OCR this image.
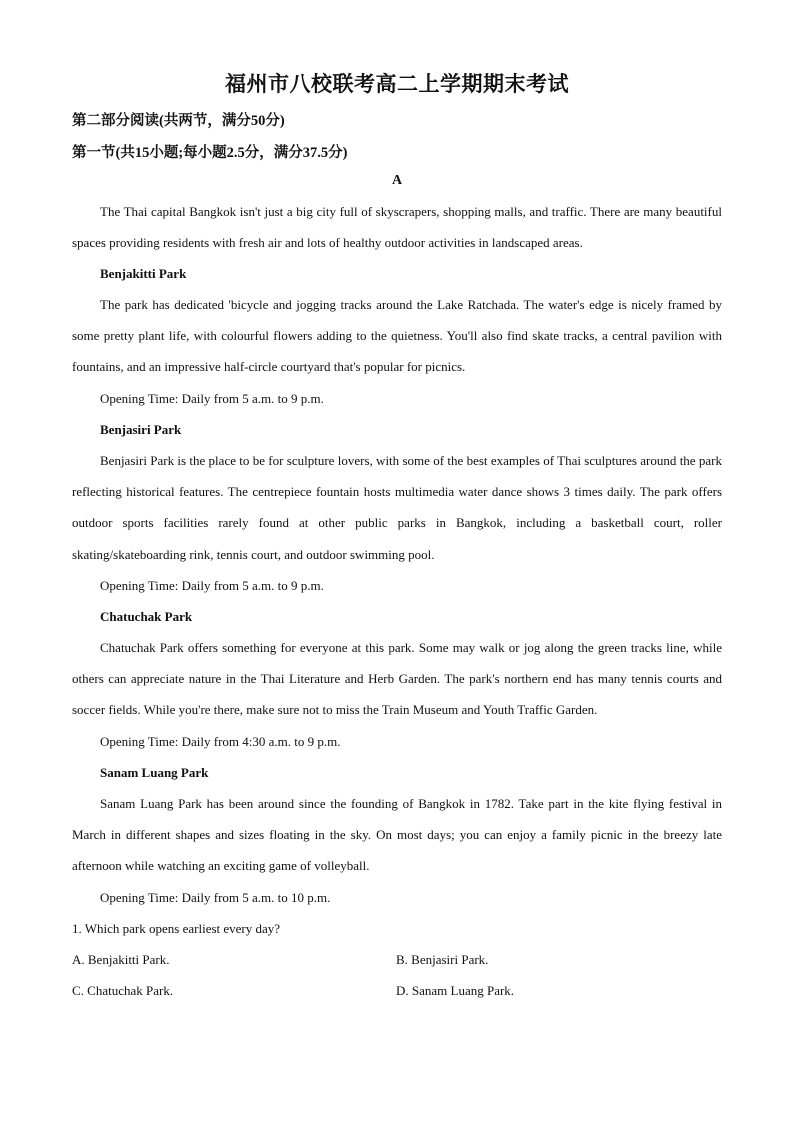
福州市八校联考高二上学期期末考试
第二部分阅读(共两节，满分50分)
第一节(共15小题;每小题2.5分，满分37.5分)
A

The Thai capital Bangkok isn't just a big city full of skyscrapers, shopping malls, and traffic. There are many beautiful spaces providing residents with fresh air and lots of healthy outdoor activities in landscaped areas.

Benjakitti Park

The park has dedicated 'bicycle and jogging tracks around the Lake Ratchada. The water's edge is nicely framed by some pretty plant life, with colourful flowers adding to the quietness. You'll also find skate tracks, a central pavilion with fountains, and an impressive half-circle courtyard that's popular for picnics.

Opening Time: Daily from 5 a.m. to 9 p.m.
Benjasiri Park

Benjasiri Park is the place to be for sculpture lovers, with some of the best examples of Thai sculptures around the park reflecting historical features. The centrepiece fountain hosts multimedia water dance shows 3 times daily. The park offers outdoor sports facilities rarely found at other public parks in Bangkok, including a basketball court, roller skating/skateboarding rink, tennis court, and outdoor swimming pool.

Opening Time: Daily from 5 a.m. to 9 p.m.
Chatuchak Park

Chatuchak Park offers something for everyone at this park. Some may walk or jog along the green tracks line, while others can appreciate nature in the Thai Literature and Herb Garden. The park's northern end has many tennis courts and soccer fields. While you're there, make sure not to miss the Train Museum and Youth Traffic Garden.

Opening Time: Daily from 4:30 a.m. to 9 p.m.
Sanam Luang Park

Sanam Luang Park has been around since the founding of Bangkok in 1782. Take part in the kite flying festival in March in different shapes and sizes floating in the sky. On most days; you can enjoy a family picnic in the breezy late afternoon while watching an exciting game of volleyball.

Opening Time: Daily from 5 a.m. to 10 p.m.
1. Which park opens earliest every day?
A. Benjakitti Park.	B. Benjasiri Park.
C. Chatuchak Park.	D. Sanam Luang Park.
